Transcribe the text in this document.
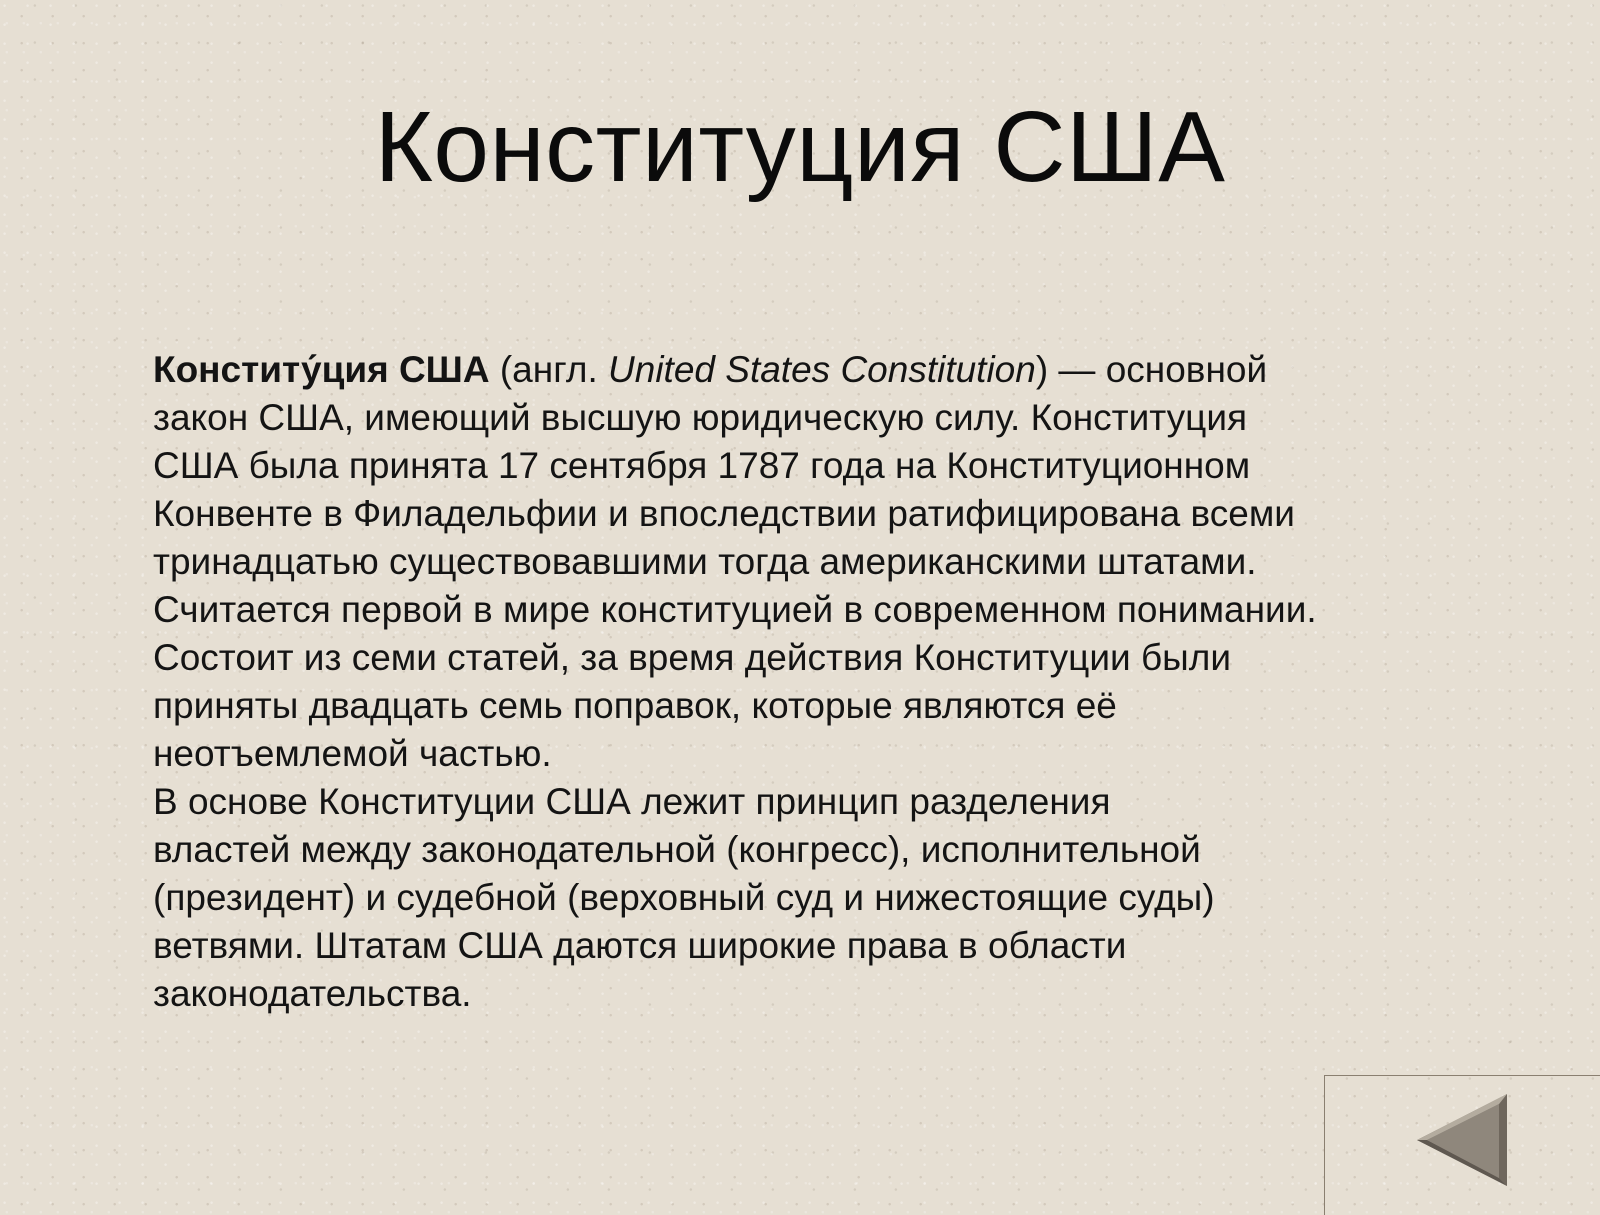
Конституция США

Конститу́ция США (англ. United States Constitution) — основной
закон США, имеющий высшую юридическую силу. Конституция
США была принята 17 сентября 1787 года на Конституционном
Конвенте в Филадельфии и впоследствии ратифицирована всеми
тринадцатью существовавшими тогда американскими штатами.
Считается первой в мире конституцией в современном понимании.
Состоит из семи статей, за время действия Конституции были
приняты двадцать семь поправок, которые являются её
неотъемлемой частью.

В основе Конституции США лежит принцип разделения
властей между законодательной (конгресс), исполнительной
(президент) и судебной (верховный суд и нижестоящие суды)
ветвями. Штатам США даются широкие права в области
законодательства.
